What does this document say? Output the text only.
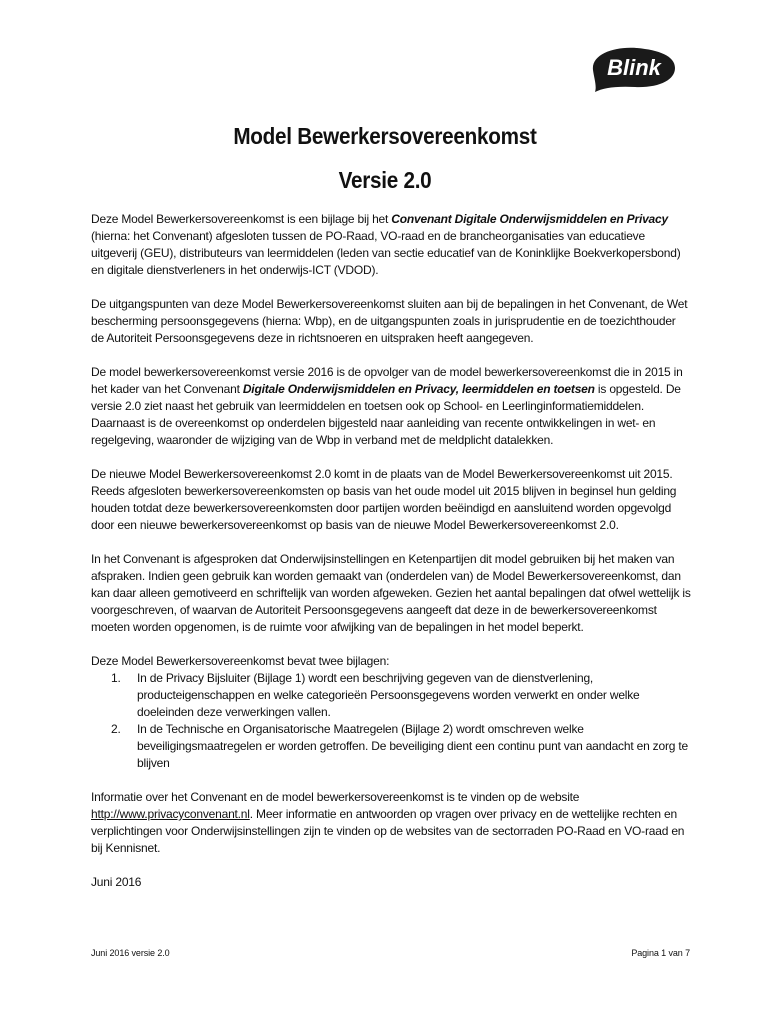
Blink
Model Bewerkersovereenkomst
Versie 2.0

Deze Model Bewerkersovereenkomst is een bijlage bij het Convenant Digitale Onderwijsmiddelen en Privacy (hierna: het Convenant) afgesloten tussen de PO-Raad, VO-raad en de brancheorganisaties van educatieve uitgeverij (GEU), distributeurs van leermiddelen (leden van sectie educatief van de Koninklijke Boekverkopersbond) en digitale dienstverleners in het onderwijs-ICT (VDOD).

De uitgangspunten van deze Model Bewerkersovereenkomst sluiten aan bij de bepalingen in het Convenant, de Wet bescherming persoonsgegevens (hierna: Wbp), en de uitgangspunten zoals in jurisprudentie en de toezichthouder de Autoriteit Persoonsgegevens deze in richtsnoeren en uitspraken heeft aangegeven.

De model bewerkersovereenkomst versie 2016 is de opvolger van de model bewerkersovereenkomst die in 2015 in het kader van het Convenant Digitale Onderwijsmiddelen en Privacy, leermiddelen en toetsen is opgesteld. De versie 2.0 ziet naast het gebruik van leermiddelen en toetsen ook op School- en Leerlinginformatiemiddelen. Daarnaast is de overeenkomst op onderdelen bijgesteld naar aanleiding van recente ontwikkelingen in wet- en regelgeving, waaronder de wijziging van de Wbp in verband met de meldplicht datalekken.

De nieuwe Model Bewerkersovereenkomst 2.0 komt in de plaats van de Model Bewerkersovereenkomst uit 2015. Reeds afgesloten bewerkersovereenkomsten op basis van het oude model uit 2015 blijven in beginsel hun gelding houden totdat deze bewerkersovereenkomsten door partijen worden beëindigd en aansluitend worden opgevolgd door een nieuwe bewerkersovereenkomst op basis van de nieuwe Model Bewerkersovereenkomst 2.0.

In het Convenant is afgesproken dat Onderwijsinstellingen en Ketenpartijen dit model gebruiken bij het maken van afspraken. Indien geen gebruik kan worden gemaakt van (onderdelen van) de Model Bewerkersovereenkomst, dan kan daar alleen gemotiveerd en schriftelijk van worden afgeweken. Gezien het aantal bepalingen dat ofwel wettelijk is voorgeschreven, of waarvan de Autoriteit Persoonsgegevens aangeeft dat deze in de bewerkersovereenkomst moeten worden opgenomen, is de ruimte voor afwijking van de bepalingen in het model beperkt.

Deze Model Bewerkersovereenkomst bevat twee bijlagen:
1. In de Privacy Bijsluiter (Bijlage 1) wordt een beschrijving gegeven van de dienstverlening, producteigenschappen en welke categorieën Persoonsgegevens worden verwerkt en onder welke doeleinden deze verwerkingen vallen.
2. In de Technische en Organisatorische Maatregelen (Bijlage 2) wordt omschreven welke beveiligingsmaatregelen er worden getroffen. De beveiliging dient een continu punt van aandacht en zorg te blijven

Informatie over het Convenant en de model bewerkersovereenkomst is te vinden op de website http://www.privacyconvenant.nl. Meer informatie en antwoorden op vragen over privacy en de wettelijke rechten en verplichtingen voor Onderwijsinstellingen zijn te vinden op de websites van de sectorraden PO-Raad en VO-raad en bij Kennisnet.

Juni 2016

Juni 2016 versie 2.0	Pagina 1 van 7
